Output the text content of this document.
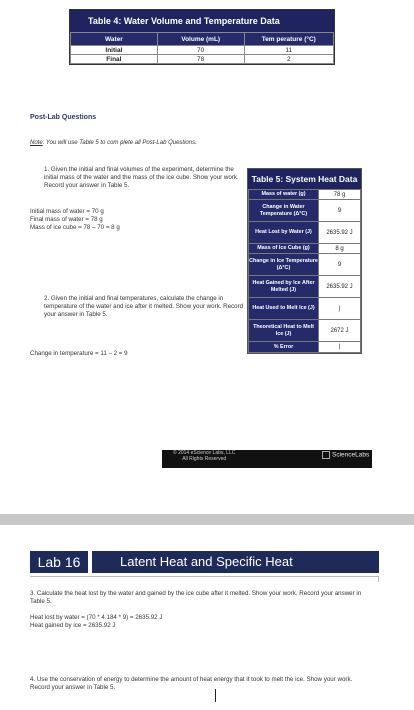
Table 4: Water Volume and Temperature Data
Water	Volume (mL)	Tem perature (°C)
Initial	70	11
Final	78	2
Post-Lab Questions
Note: You will use Table 5 to com plete all Post-Lab Questions.
1. Given the initial and final volumes of the experiment, determine the initial mass of the water and the mass of the ice cube. Show your work. Record your answer in Table 5.
Initial mass of water = 70 g
Final mass of water = 78 g
Mass of ice cube = 78 – 70 = 8 g
2. Given the initial and final temperatures, calculate the change in temperature of the water and ice after it melted. Show your work. Record your answer in Table 5.
Change in temperature = 11 – 2 = 9
Table 5: System Heat Data
Mass of water (g)	78 g
Change in Water Temperature (Δ°C)	9
Heat Lost by Water (J)	2635.92 J
Mass of Ice Cube (g)	8 g
Change in Ice Temperature (Δ°C)	9
Heat Gained by Ice After Melted (J)	2635.92 J
Heat Used to Melt Ice (J)	|
Theoretical Heat to Melt Ice (J)	2672 J
% Error	|
© 2014 eScience Labs, LLC
All Rights Reserved
ScienceLabs
Lab 16	Latent Heat and Specific Heat
3. Calculate the heat lost by the water and gained by the ice cube after it melted. Show your work. Record your answer in Table 5.
Heat lost by water = (70 * 4.184 * 9) = 2635.92 J
Heat gained by ice = 2635.92 J
4. Use the conservation of energy to determine the amount of heat energy that it took to melt the ice. Show your work. Record your answer in Table 5.
